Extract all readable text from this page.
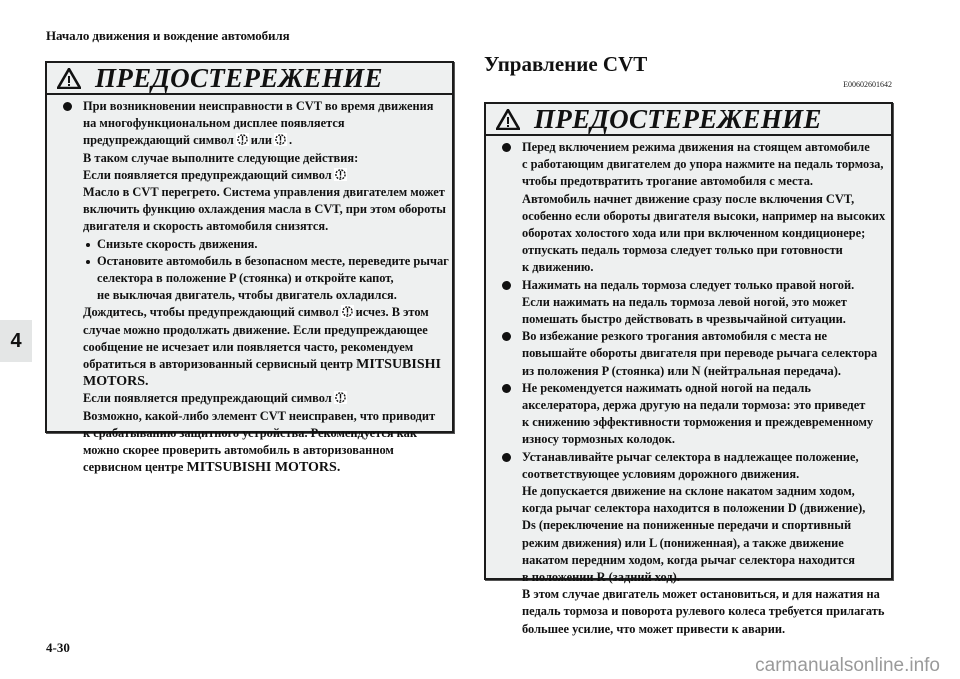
Начало движения и вождение автомобиля
4
ПРЕДОСТЕРЕЖЕНИЕ
При возникновении неисправности в CVT во время движения
на многофункциональном дисплее появляется
предупреждающий символ или .
В таком случае выполните следующие действия:
Если появляется предупреждающий символ
Масло в CVT перегрето. Система управления двигателем может
включить функцию охлаждения масла в CVT, при этом обороты
двигателя и скорость автомобиля снизятся.
Снизьте скорость движения.
Остановите автомобиль в безопасном месте, переведите рычаг
селектора в положение P (стоянка) и откройте капот,
не выключая двигатель, чтобы двигатель охладился.
Дождитесь, чтобы предупреждающий символ исчез. В этом
случае можно продолжать движение. Если предупреждающее
сообщение не исчезает или появляется часто, рекомендуем
обратиться в авторизованный сервисный центр MITSUBISHI
MOTORS.
Если появляется предупреждающий символ
Возможно, какой-либо элемент CVT неисправен, что приводит
к срабатыванию защитного устройства. Рекомендуется как
можно скорее проверить автомобиль в авторизованном
сервисном центре MITSUBISHI MOTORS.
Управление CVT
E00602601642
ПРЕДОСТЕРЕЖЕНИЕ
Перед включением режима движения на стоящем автомобиле
с работающим двигателем до упора нажмите на педаль тормоза,
чтобы предотвратить трогание автомобиля с места.
Автомобиль начнет движение сразу после включения CVT,
особенно если обороты двигателя высоки, например на высоких
оборотах холостого хода или при включенном кондиционере;
отпускать педаль тормоза следует только при готовности
к движению.
Нажимать на педаль тормоза следует только правой ногой.
Если нажимать на педаль тормоза левой ногой, это может
помешать быстро действовать в чрезвычайной ситуации.
Во избежание резкого трогания автомобиля с места не
повышайте обороты двигателя при переводе рычага селектора
из положения P (стоянка) или N (нейтральная передача).
Не рекомендуется нажимать одной ногой на педаль
акселератора, держа другую на педали тормоза: это приведет
к снижению эффективности торможения и преждевременному
износу тормозных колодок.
Устанавливайте рычаг селектора в надлежащее положение,
соответствующее условиям дорожного движения.
Не допускается движение на склоне накатом задним ходом,
когда рычаг селектора находится в положении D (движение),
Ds (переключение на пониженные передачи и спортивный
режим движения) или L (пониженная), а также движение
накатом передним ходом, когда рычаг селектора находится
в положении R (задний ход).
В этом случае двигатель может остановиться, и для нажатия на
педаль тормоза и поворота рулевого колеса требуется прилагать
большее усилие, что может привести к аварии.
4-30
carmanualsonline.info
